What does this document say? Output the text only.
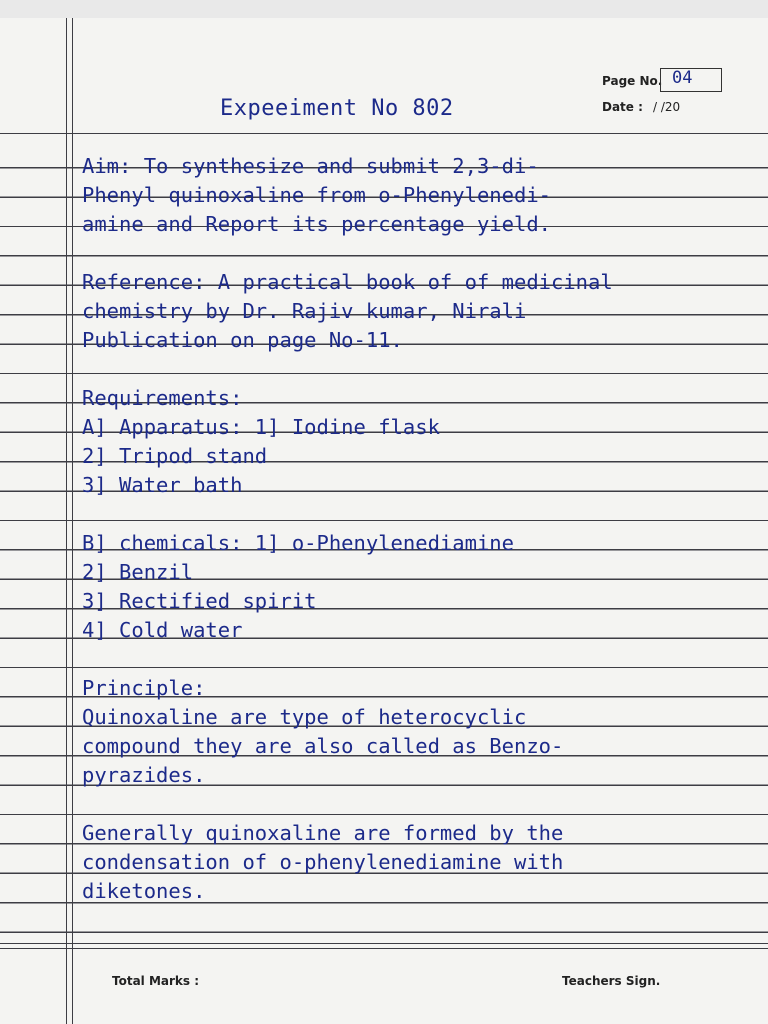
Page No. 04
Date : / /20
Expeeiment No 802
Aim: To synthesize and submit 2,3-di-
Phenyl quinoxaline from o-Phenylenedi-
amine and Report its percentage yield.
Reference: A practical book of of medicinal
chemistry by Dr. Rajiv kumar, Nirali
Publication on page No-11.
Requirements:
A] Apparatus: 1] Iodine flask
2] Tripod stand
3] Water bath
B] chemicals: 1] o-Phenylenediamine
2] Benzil
3] Rectified spirit
4] Cold water
Principle:
Quinoxaline are type of heterocyclic
compound they are also called as Benzo-
pyrazides.
Generally quinoxaline are formed by the
condensation of o-phenylenediamine with
diketones.
Total Marks :	Teachers Sign.
